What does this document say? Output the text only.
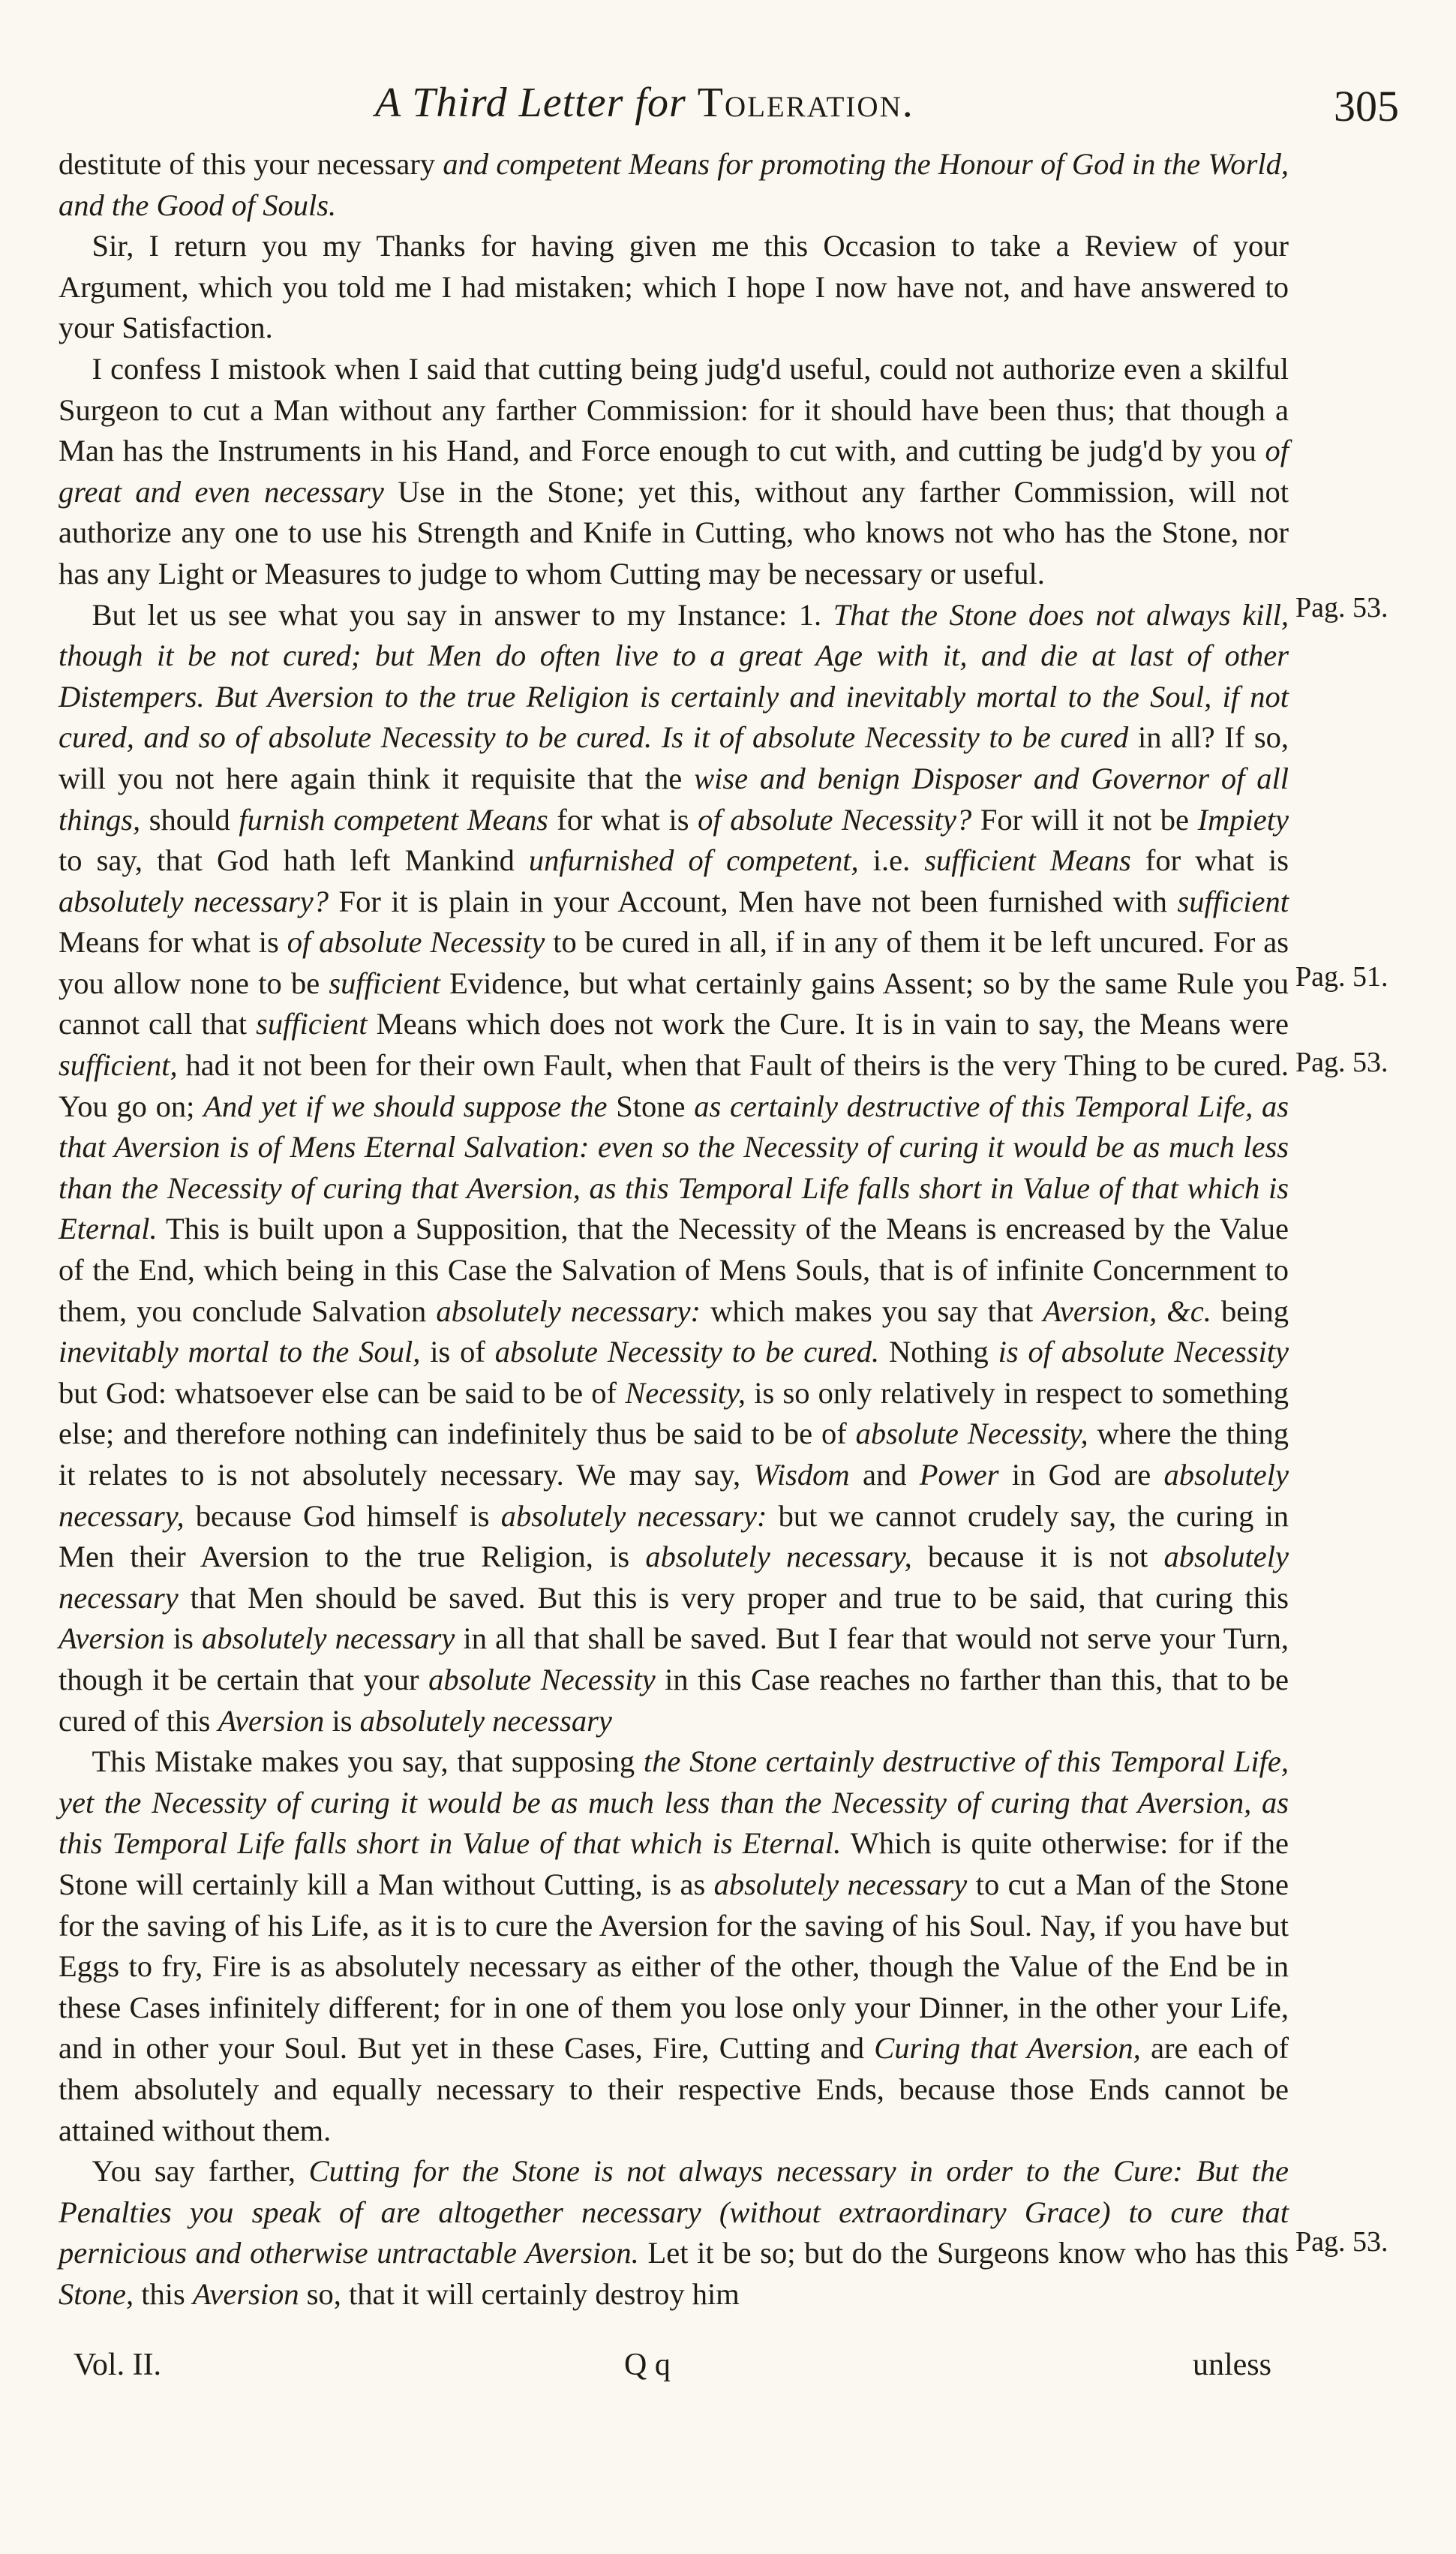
A Third Letter for Toleration.	305

destitute of this your necessary and competent Means for promoting the Honour of God in the World, and the Good of Souls.

Sir, I return you my Thanks for having given me this Occasion to take a Review of your Argument, which you told me I had mistaken; which I hope I now have not, and have answered to your Satisfaction.

I confess I mistook when I said that cutting being judg'd useful, could not authorize even a skilful Surgeon to cut a Man without any farther Commission: for it should have been thus; that though a Man has the Instruments in his Hand, and Force enough to cut with, and cutting be judg'd by you of great and even necessary Use in the Stone; yet this, without any farther Commission, will not authorize any one to use his Strength and Knife in Cutting, who knows not who has the Stone, nor has any Light or Measures to judge to whom Cutting may be necessary or useful.

But let us see what you say in answer to my Instance: 1. That the Stone does not always kill, though it be not cured; but Men do often live to a great Age with it, and die at last of other Distempers. But Aversion to the true Religion is certainly and inevitably mortal to the Soul, if not cured, and so of absolute Necessity to be cured. Is it of absolute Necessity to be cured in all? If so, will you not here again think it requisite that the wise and benign Disposer and Governor of all things, should furnish competent Means for what is of absolute Necessity? For will it not be Impiety to say, that God hath left Mankind unfurnished of competent, i.e. sufficient Means for what is absolutely necessary? For it is plain in your Account, Men have not been furnished with sufficient Means for what is of absolute Necessity to be cured in all, if in any of them it be left uncured. For as you allow none to be sufficient Evidence, but what certainly gains Assent; so by the same Rule you cannot call that sufficient Means which does not work the Cure. It is in vain to say, the Means were sufficient, had it not been for their own Fault, when that Fault of theirs is the very Thing to be cured. You go on; And yet if we should suppose the Stone as certainly destructive of this Temporal Life, as that Aversion is of Mens Eternal Salvation: even so the Necessity of curing it would be as much less than the Necessity of curing that Aversion, as this Temporal Life falls short in Value of that which is Eternal. This is built upon a Supposition, that the Necessity of the Means is encreased by the Value of the End, which being in this Case the Salvation of Mens Souls, that is of infinite Concernment to them, you conclude Salvation absolutely necessary: which makes you say that Aversion, &c. being inevitably mortal to the Soul, is of absolute Necessity to be cured. Nothing is of absolute Necessity but God: whatsoever else can be said to be of Necessity, is so only relatively in respect to something else; and therefore nothing can indefinitely thus be said to be of absolute Necessity, where the thing it relates to is not absolutely necessary. We may say, Wisdom and Power in God are absolutely necessary, because God himself is absolutely necessary: but we cannot crudely say, the curing in Men their Aversion to the true Religion, is absolutely necessary, because it is not absolutely necessary that Men should be saved. But this is very proper and true to be said, that curing this Aversion is absolutely necessary in all that shall be saved. But I fear that would not serve your Turn, though it be certain that your absolute Necessity in this Case reaches no farther than this, that to be cured of this Aversion is absolutely necessary

This Mistake makes you say, that supposing the Stone certainly destructive of this Temporal Life, yet the Necessity of curing it would be as much less than the Necessity of curing that Aversion, as this Temporal Life falls short in Value of that which is Eternal. Which is quite otherwise: for if the Stone will certainly kill a Man without Cutting, is as absolutely necessary to cut a Man of the Stone for the saving of his Life, as it is to cure the Aversion for the saving of his Soul. Nay, if you have but Eggs to fry, Fire is as absolutely necessary as either of the other, though the Value of the End be in these Cases infinitely different; for in one of them you lose only your Dinner, in the other your Life, and in other your Soul. But yet in these Cases, Fire, Cutting and Curing that Aversion, are each of them absolutely and equally necessary to their respective Ends, because those Ends cannot be attained without them.

You say farther, Cutting for the Stone is not always necessary in order to the Cure: But the Penalties you speak of are altogether necessary (without extraordinary Grace) to cure that pernicious and otherwise untractable Aversion. Let it be so; but do the Surgeons know who has this Stone, this Aversion so, that it will certainly destroy him

Pag. 53.
Pag. 51.
Pag. 53.
Pag. 53.
Vol. II.	Q q	unless
